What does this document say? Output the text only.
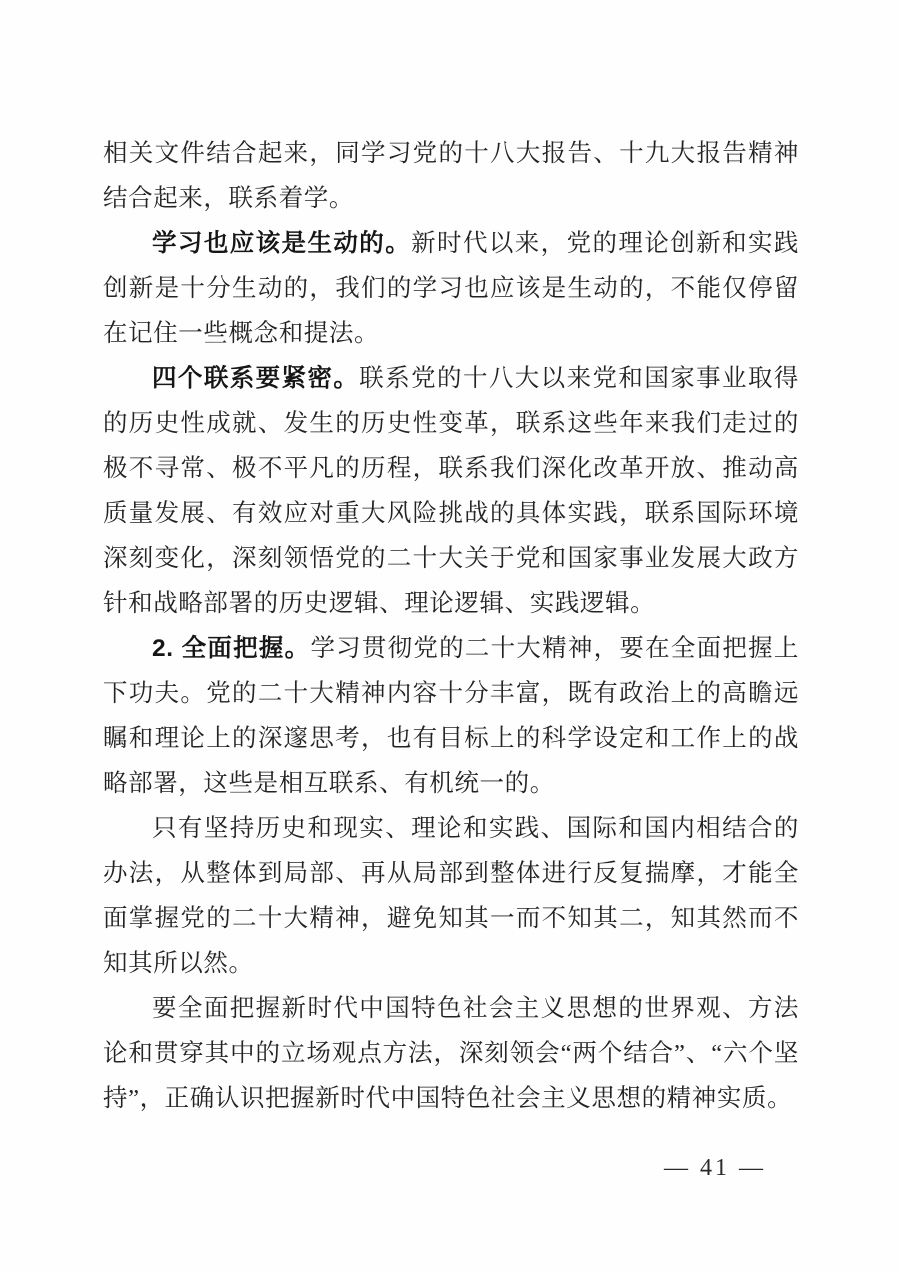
相关文件结合起来，同学习党的十八大报告、十九大报告精神结合起来，联系着学。

学习也应该是生动的。新时代以来，党的理论创新和实践创新是十分生动的，我们的学习也应该是生动的，不能仅停留在记住一些概念和提法。

四个联系要紧密。联系党的十八大以来党和国家事业取得的历史性成就、发生的历史性变革，联系这些年来我们走过的极不寻常、极不平凡的历程，联系我们深化改革开放、推动高质量发展、有效应对重大风险挑战的具体实践，联系国际环境深刻变化，深刻领悟党的二十大关于党和国家事业发展大政方针和战略部署的历史逻辑、理论逻辑、实践逻辑。

2. 全面把握。学习贯彻党的二十大精神，要在全面把握上下功夫。党的二十大精神内容十分丰富，既有政治上的高瞻远瞩和理论上的深邃思考，也有目标上的科学设定和工作上的战略部署，这些是相互联系、有机统一的。

只有坚持历史和现实、理论和实践、国际和国内相结合的办法，从整体到局部、再从局部到整体进行反复揣摩，才能全面掌握党的二十大精神，避免知其一而不知其二，知其然而不知其所以然。

要全面把握新时代中国特色社会主义思想的世界观、方法论和贯穿其中的立场观点方法，深刻领会“两个结合”、“六个坚持”，正确认识把握新时代中国特色社会主义思想的精神实质。

— 41 —
